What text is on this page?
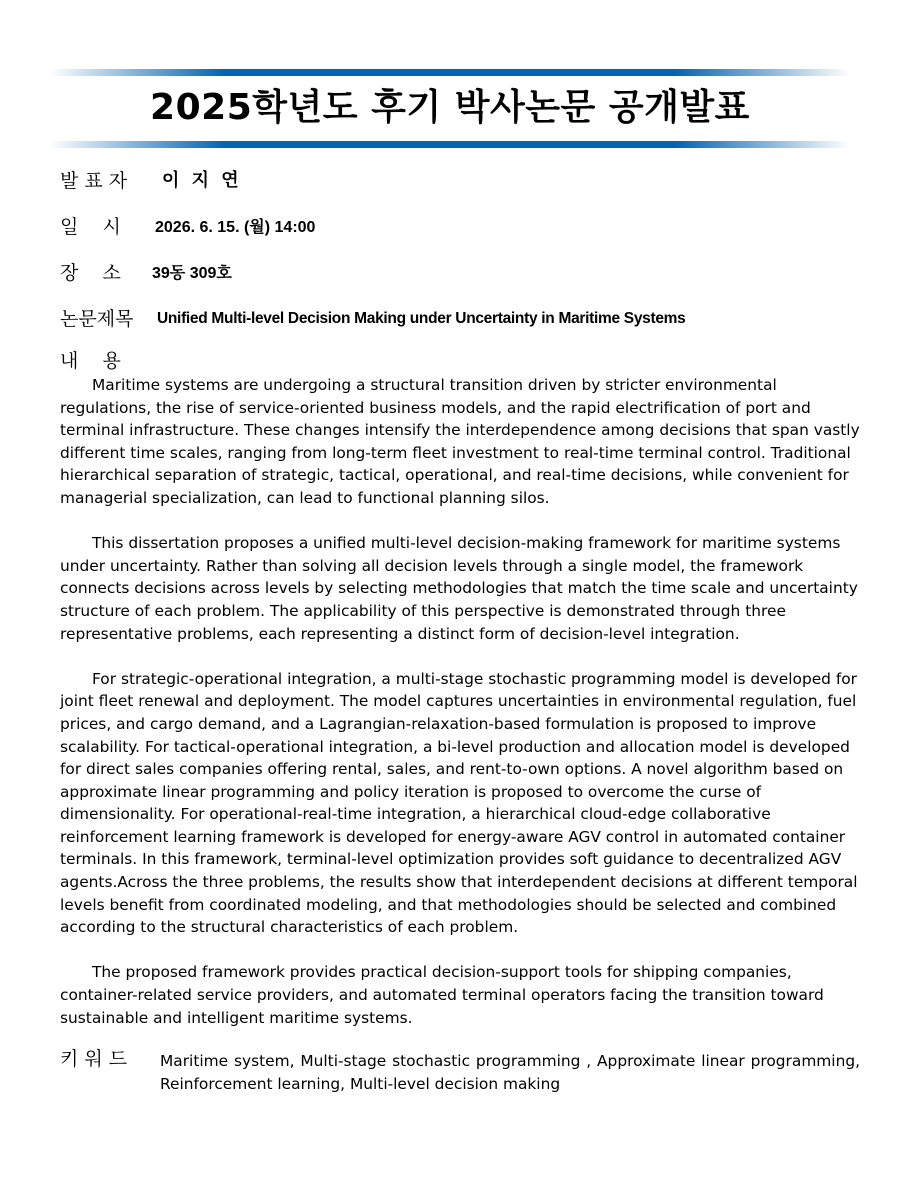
2025학년도 후기 박사논문 공개발표
발 표 자 이 지 연
일    시 2026. 6. 15. (월) 14:00
장    소 39동 309호
논문제목 Unified Multi-level Decision Making under Uncertainty in Maritime Systems
내    용

Maritime systems are undergoing a structural transition driven by stricter environmental regulations, the rise of service-oriented business models, and the rapid electrification of port and terminal infrastructure. These changes intensify the interdependence among decisions that span vastly different time scales, ranging from long-term fleet investment to real-time terminal control. Traditional hierarchical separation of strategic, tactical, operational, and real-time decisions, while convenient for managerial specialization, can lead to functional planning silos.

This dissertation proposes a unified multi-level decision-making framework for maritime systems under uncertainty. Rather than solving all decision levels through a single model, the framework connects decisions across levels by selecting methodologies that match the time scale and uncertainty structure of each problem. The applicability of this perspective is demonstrated through three representative problems, each representing a distinct form of decision-level integration.

For strategic-operational integration, a multi-stage stochastic programming model is developed for joint fleet renewal and deployment. The model captures uncertainties in environmental regulation, fuel prices, and cargo demand, and a Lagrangian-relaxation-based formulation is proposed to improve scalability. For tactical-operational integration, a bi-level production and allocation model is developed for direct sales companies offering rental, sales, and rent-to-own options. A novel algorithm based on approximate linear programming and policy iteration is proposed to overcome the curse of dimensionality. For operational-real-time integration, a hierarchical cloud-edge collaborative reinforcement learning framework is developed for energy-aware AGV control in automated container terminals. In this framework, terminal-level optimization provides soft guidance to decentralized AGV agents.Across the three problems, the results show that interdependent decisions at different temporal levels benefit from coordinated modeling, and that methodologies should be selected and combined according to the structural characteristics of each problem.

The proposed framework provides practical decision-support tools for shipping companies, container-related service providers, and automated terminal operators facing the transition toward sustainable and intelligent maritime systems.

키 워 드 Maritime system, Multi-stage stochastic programming , Approximate linear programming, Reinforcement learning, Multi-level decision making
